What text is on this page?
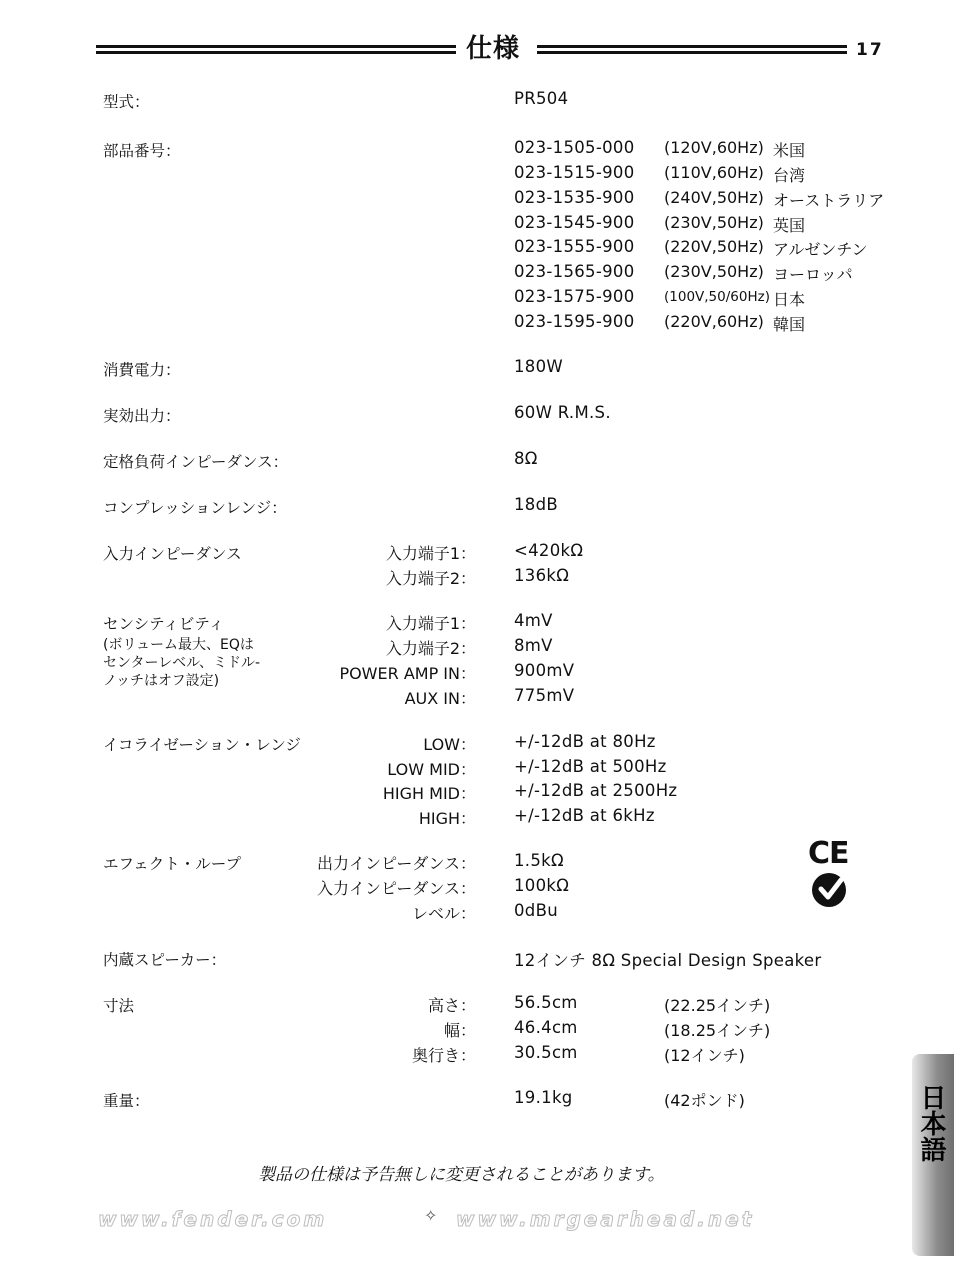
仕様	17
型式：	PR504
部品番号：	023-1505-000 (120V,60Hz) 米国
023-1515-900 (110V,60Hz) 台湾
023-1535-900 (240V,50Hz) オーストラリア
023-1545-900 (230V,50Hz) 英国
023-1555-900 (220V,50Hz) アルゼンチン
023-1565-900 (230V,50Hz) ヨーロッパ
023-1575-900 (100V,50/60Hz) 日本
023-1595-900 (220V,60Hz) 韓国
消費電力：	180W
実効出力：	60W R.M.S.
定格負荷インピーダンス：	8Ω
コンプレッションレンジ：	18dB
入力インピーダンス	入力端子1： <420kΩ
入力端子2： 136kΩ
センシティビティ
(ボリューム最大、EQは
センターレベル、ミドル-
ノッチはオフ設定)
入力端子1： 4mV
入力端子2： 8mV
POWER AMP IN： 900mV
AUX IN： 775mV
イコライゼーション・レンジ	LOW： +/-12dB at 80Hz
LOW MID： +/-12dB at 500Hz
HIGH MID： +/-12dB at 2500Hz
HIGH： +/-12dB at 6kHz
エフェクト・ループ	出力インピーダンス： 1.5kΩ
入力インピーダンス： 100kΩ
レベル： 0dBu
CE
内蔵スピーカー：	12インチ 8Ω Special Design Speaker
寸法	高さ： 56.5cm	(22.25インチ)
幅： 46.4cm	(18.25インチ)
奥行き： 30.5cm	(12インチ)
重量：	19.1kg	(42ポンド)
製品の仕様は予告無しに変更されることがあります。
www.fender.com	✧ www.mrgearhead.net
日本語
